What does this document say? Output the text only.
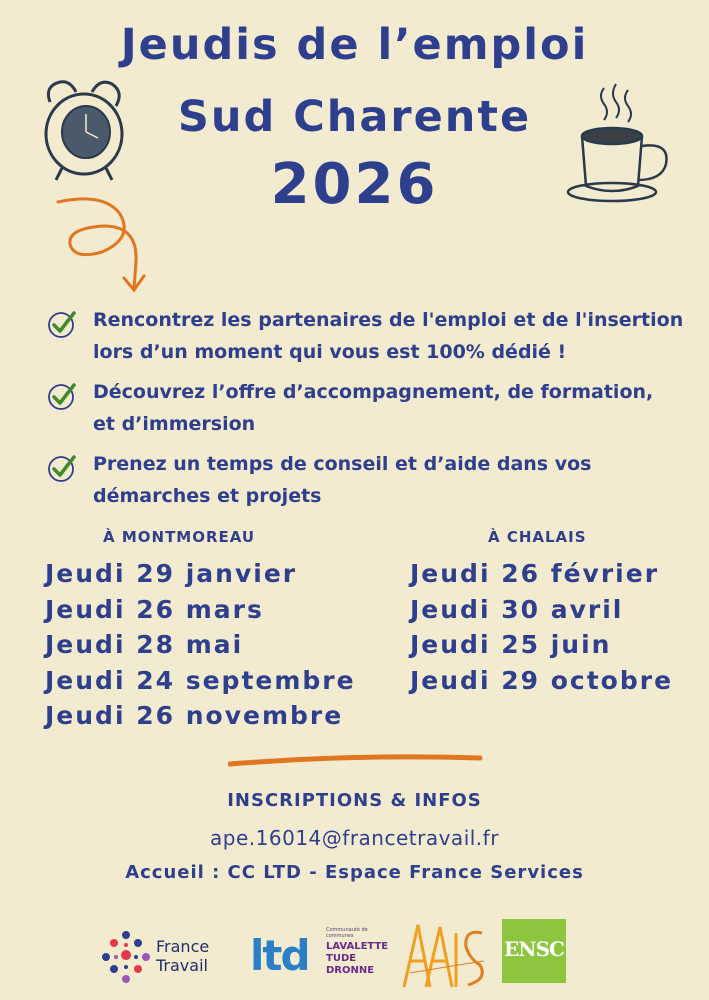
Jeudis de l’emploi
Sud Charente
2026
Rencontrez les partenaires de l'emploi et de l'insertion
lors d’un moment qui vous est 100% dédié !
Découvrez l’offre d’accompagnement, de formation,
et d’immersion
Prenez un temps de conseil et d’aide dans vos
démarches et projets
À MONTMOREAU
Jeudi 29 janvier
Jeudi 26 mars
Jeudi 28 mai
Jeudi 24 septembre
Jeudi 26 novembre
À CHALAIS
Jeudi 26 février
Jeudi 30 avril
Jeudi 25 juin
Jeudi 29 octobre
INSCRIPTIONS & INFOS
ape.16014@francetravail.fr
Accueil : CC LTD - Espace France Services
France
Travail ltd
Communauté de communes
LAVALETTE
TUDE
DRONNE
ENSC
